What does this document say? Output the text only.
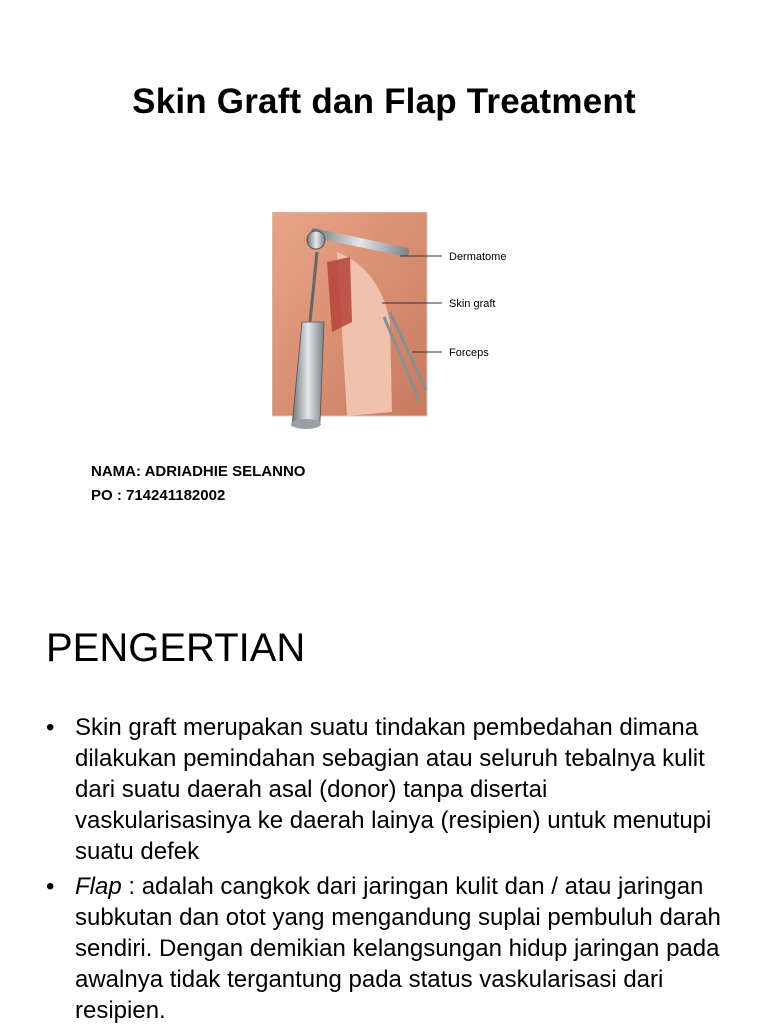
Skin Graft dan Flap Treatment
Dermatome
Skin graft
Forceps
NAMA: ADRIADHIE SELANNO
PO : 714241182002
PENGERTIAN
• Skin graft merupakan suatu tindakan pembedahan dimana dilakukan pemindahan sebagian atau seluruh tebalnya kulit dari suatu daerah asal (donor) tanpa disertai vaskularisasinya ke daerah lainya (resipien) untuk menutupi suatu defek
• Flap : adalah cangkok dari jaringan kulit dan / atau jaringan subkutan dan otot yang mengandung suplai pembuluh darah sendiri. Dengan demikian kelangsungan hidup jaringan pada awalnya tidak tergantung pada status vaskularisasi dari resipien.
